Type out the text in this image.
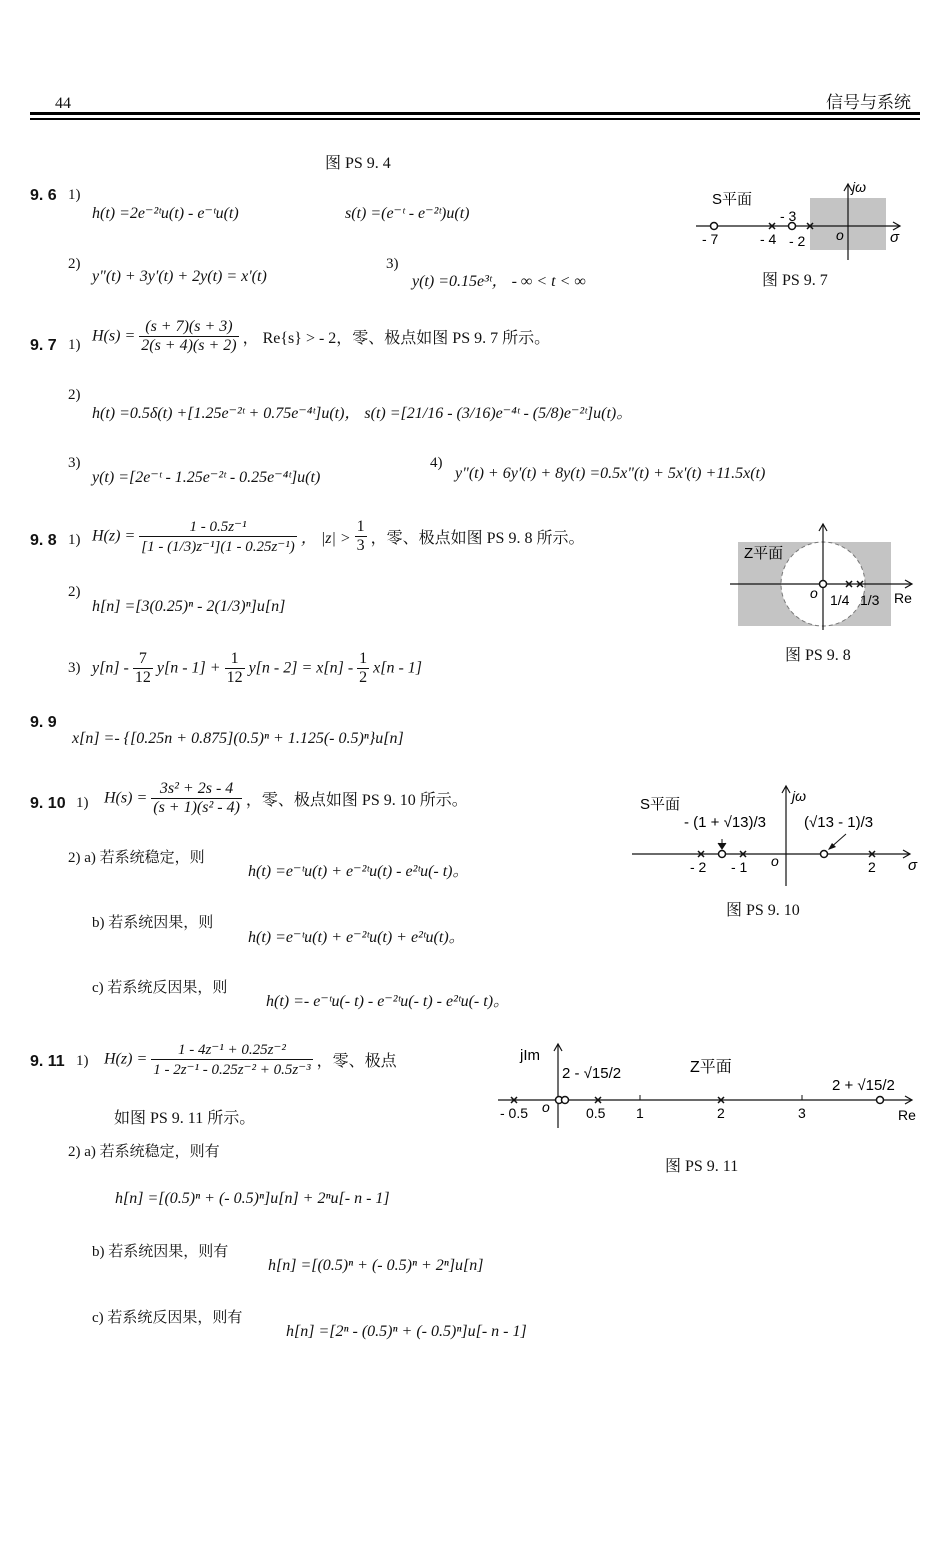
44	信号与系统
图 PS 9. 4
9. 6 1)
h(t) =2e⁻²ᵗu(t) - e⁻ᵗu(t)	s(t) =(e⁻ᵗ - e⁻²ᵗ)u(t)
2)
y"(t) + 3y'(t) + 2y(t) = x'(t)
3)
y(t) =0.15e³ᵗ， - ∞ < t < ∞
S平面
jω
σ
o
- 3
- 7	- 4 - 2
图 PS 9. 7
9. 7 1)
$H(s) = \frac{(s + 7)(s + 3)}{2(s + 4)(s + 2)}$ ， Re{s} > - 2，零、极点如图 PS 9. 7 所示。
2)
h(t) =0.5δ(t) +[1.25e⁻²ᵗ + 0.75e⁻⁴ᵗ]u(t)， s(t) =[21/16 - (3/16)e⁻⁴ᵗ - (5/8)e⁻²ᵗ]u(t)。
3)
y(t) =[2e⁻ᵗ - 1.25e⁻²ᵗ - 0.25e⁻⁴ᵗ]u(t)
4)
y"(t) + 6y'(t) + 8y(t) =0.5x"(t) + 5x'(t) +11.5x(t)
Z平面
o 1/4 1/3 Re
图 PS 9. 8
9. 8 1) $H(z) = \frac{\text{1 - 0.5z⁻¹}}{\text{[1 - (1/3)z⁻¹](1 - 0.25z⁻¹)}}$ ， $|z| > \frac{1}{3}$ ，零、极点如图 PS 9. 8 所示。
2)
h[n] =[3(0.25)ⁿ - 2(1/3)ⁿ]u[n]
3) $y[n] - \frac{7}{12} y[n - 1] + \frac{1}{12} y[n - 2] = x[n] - \frac{1}{2} x[n - 1]$
9. 9
x[n] =- {[0.25n + 0.875](0.5)ⁿ + 1.125(- 0.5)ⁿ}u[n]
S平面	jω
σ
o
- (1 + √13)/3	(√13 - 1)/3
- 2 - 1	2
图 PS 9. 10
9. 10 1) $H(s) = \frac{\text{3s² + 2s - 4}}{\text{(s + 1)(s² - 4)}}$ ，零、极点如图 PS 9. 10 所示。
2) a) 若系统稳定，则
h(t) =e⁻ᵗu(t) + e⁻²ᵗu(t) - e²ᵗu(- t)。
b) 若系统因果，则
h(t) =e⁻ᵗu(t) + e⁻²ᵗu(t) + e²ᵗu(t)。
c) 若系统反因果，则
h(t) =- e⁻ᵗu(- t) - e⁻²ᵗu(- t) - e²ᵗu(- t)。
jIm
Z平面
o	Re
2 - √15/2
2 + √15/2
- 0.5	0.5 1	2	3
图 PS 9. 11
9. 11 1) $H(z) = \frac{\text{1 - 4z⁻¹ + 0.25z⁻²}}{\text{1 - 2z⁻¹ - 0.25z⁻² + 0.5z⁻³}}$ ，零、极点
如图 PS 9. 11 所示。
2) a) 若系统稳定，则有
h[n] =[(0.5)ⁿ + (- 0.5)ⁿ]u[n] + 2ⁿu[- n - 1]
b) 若系统因果，则有
h[n] =[(0.5)ⁿ + (- 0.5)ⁿ + 2ⁿ]u[n]
c) 若系统反因果，则有
h[n] =[2ⁿ - (0.5)ⁿ + (- 0.5)ⁿ]u[- n - 1]
